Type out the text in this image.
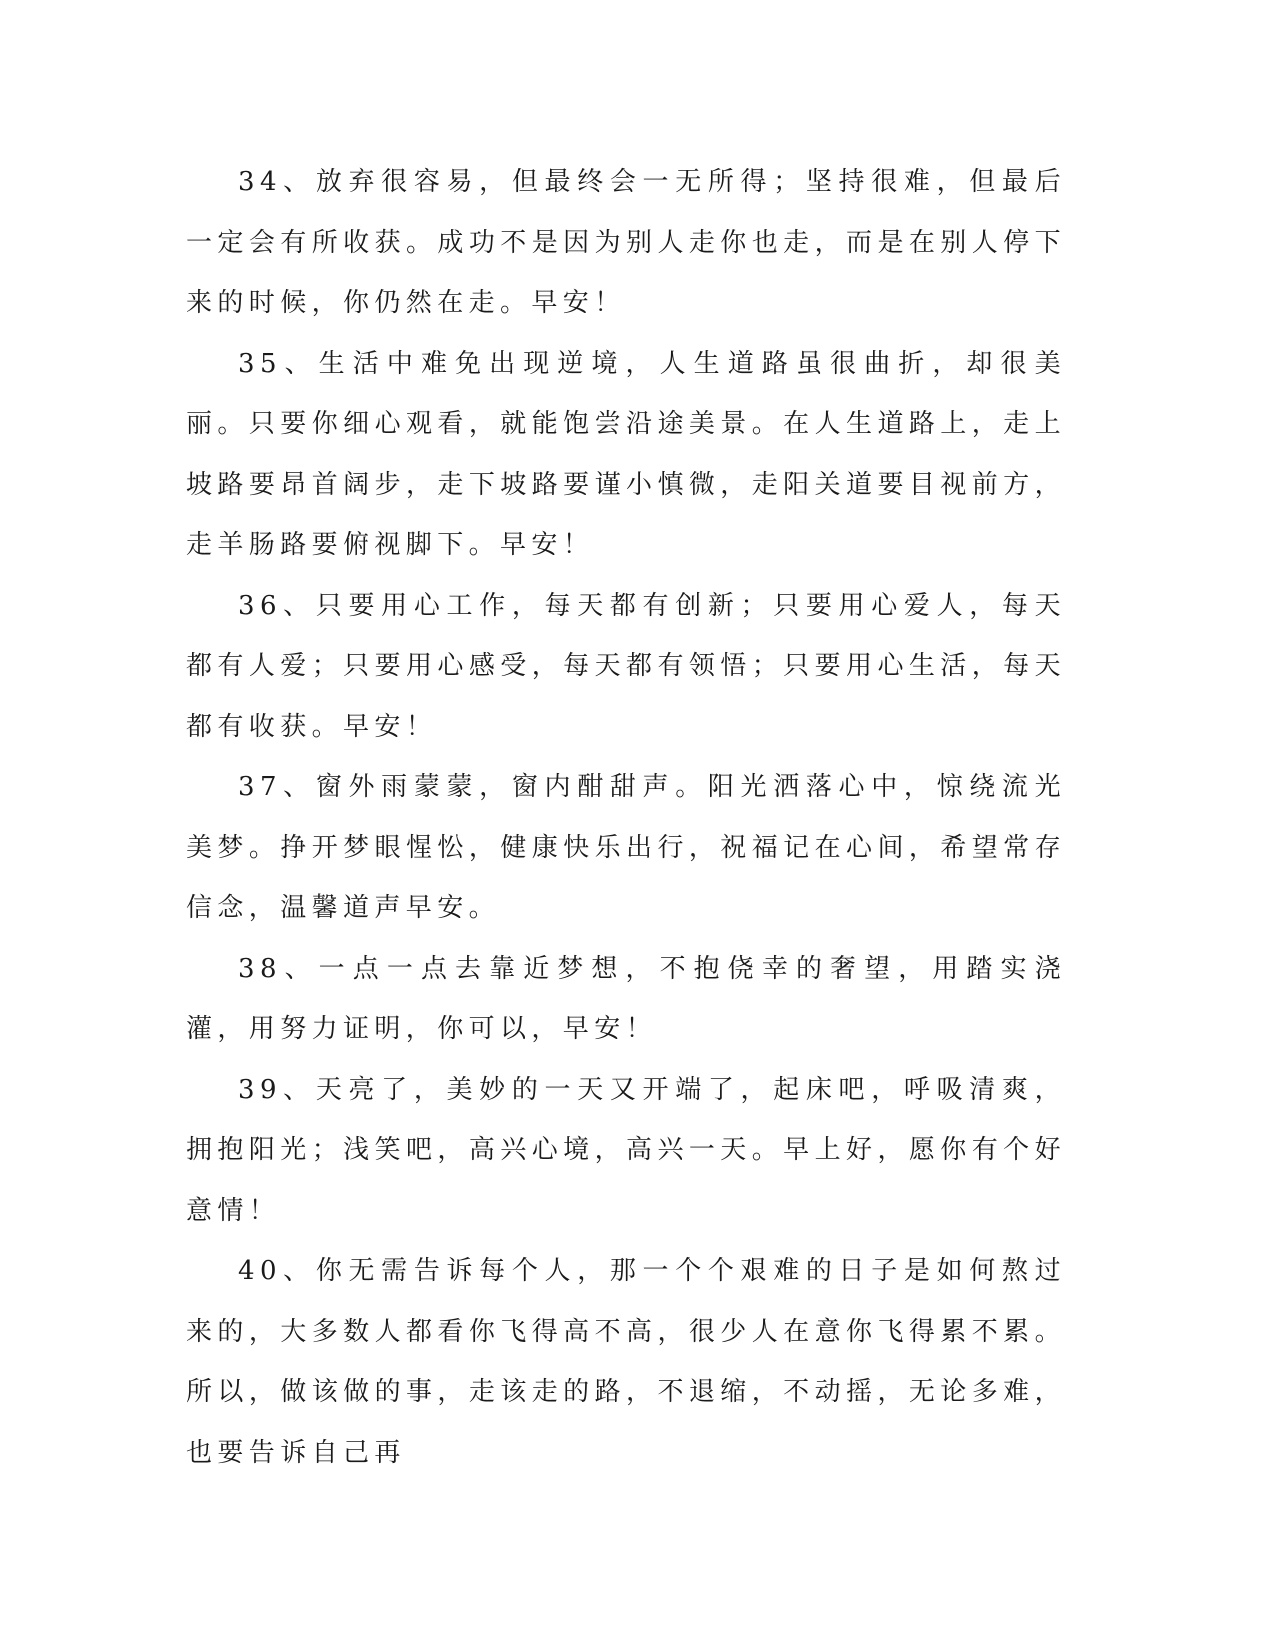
34、放弃很容易，但最终会一无所得；坚持很难，但最后一定会有所收获。成功不是因为别人走你也走，而是在别人停下来的时候，你仍然在走。早安！

35、生活中难免出现逆境，人生道路虽很曲折，却很美丽。只要你细心观看，就能饱尝沿途美景。在人生道路上，走上坡路要昂首阔步，走下坡路要谨小慎微，走阳关道要目视前方，走羊肠路要俯视脚下。早安！

36、只要用心工作，每天都有创新；只要用心爱人，每天都有人爱；只要用心感受，每天都有领悟；只要用心生活，每天都有收获。早安！

37、窗外雨蒙蒙，窗内酣甜声。阳光洒落心中，惊绕流光美梦。挣开梦眼惺忪，健康快乐出行，祝福记在心间，希望常存信念，温馨道声早安。

38、一点一点去靠近梦想，不抱侥幸的奢望，用踏实浇灌，用努力证明，你可以，早安！

39、天亮了，美妙的一天又开端了，起床吧，呼吸清爽，拥抱阳光；浅笑吧，高兴心境，高兴一天。早上好，愿你有个好意情！

40、你无需告诉每个人，那一个个艰难的日子是如何熬过来的，大多数人都看你飞得高不高，很少人在意你飞得累不累。所以，做该做的事，走该走的路，不退缩，不动摇，无论多难，也要告诉自己再
